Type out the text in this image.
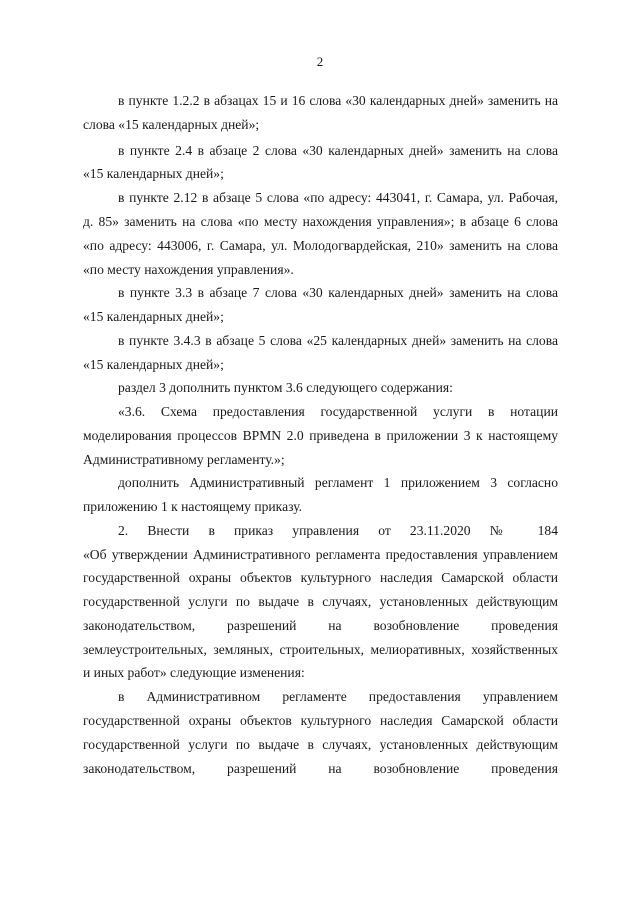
2
в пункте 1.2.2 в абзацах 15 и 16 слова «30 календарных дней» заменить на
слова «15 календарных дней»;
в пункте 2.4 в абзаце 2 слова «30 календарных дней» заменить на слова
«15 календарных дней»;
в пункте 2.12 в абзаце 5 слова «по адресу: 443041, г. Самара, ул. Рабочая,
д. 85» заменить на слова «по месту нахождения управления»; в абзаце 6 слова
«по адресу: 443006, г. Самара, ул. Молодогвардейская, 210» заменить на слова
«по месту нахождения управления».
в пункте 3.3 в абзаце 7 слова «30 календарных дней» заменить на слова
«15 календарных дней»;
в пункте 3.4.3 в абзаце 5 слова «25 календарных дней» заменить на слова
«15 календарных дней»;
раздел 3 дополнить пунктом 3.6 следующего содержания:
«3.6. Схема предоставления государственной услуги в нотации
моделирования процессов BPMN 2.0 приведена в приложении 3 к настоящему
Административному регламенту.»;
дополнить Административный регламент 1 приложением 3 согласно
приложению 1 к настоящему приказу.
2. Внести в приказ управления от 23.11.2020 № 184
«Об утверждении Административного регламента предоставления управлением
государственной охраны объектов культурного наследия Самарской области
государственной услуги по выдаче в случаях, установленных действующим
законодательством, разрешений на возобновление проведения
землеустроительных, земляных, строительных, мелиоративных, хозяйственных
и иных работ» следующие изменения:
в Административном регламенте предоставления управлением
государственной охраны объектов культурного наследия Самарской области
государственной услуги по выдаче в случаях, установленных действующим
законодательством, разрешений на возобновление проведения
